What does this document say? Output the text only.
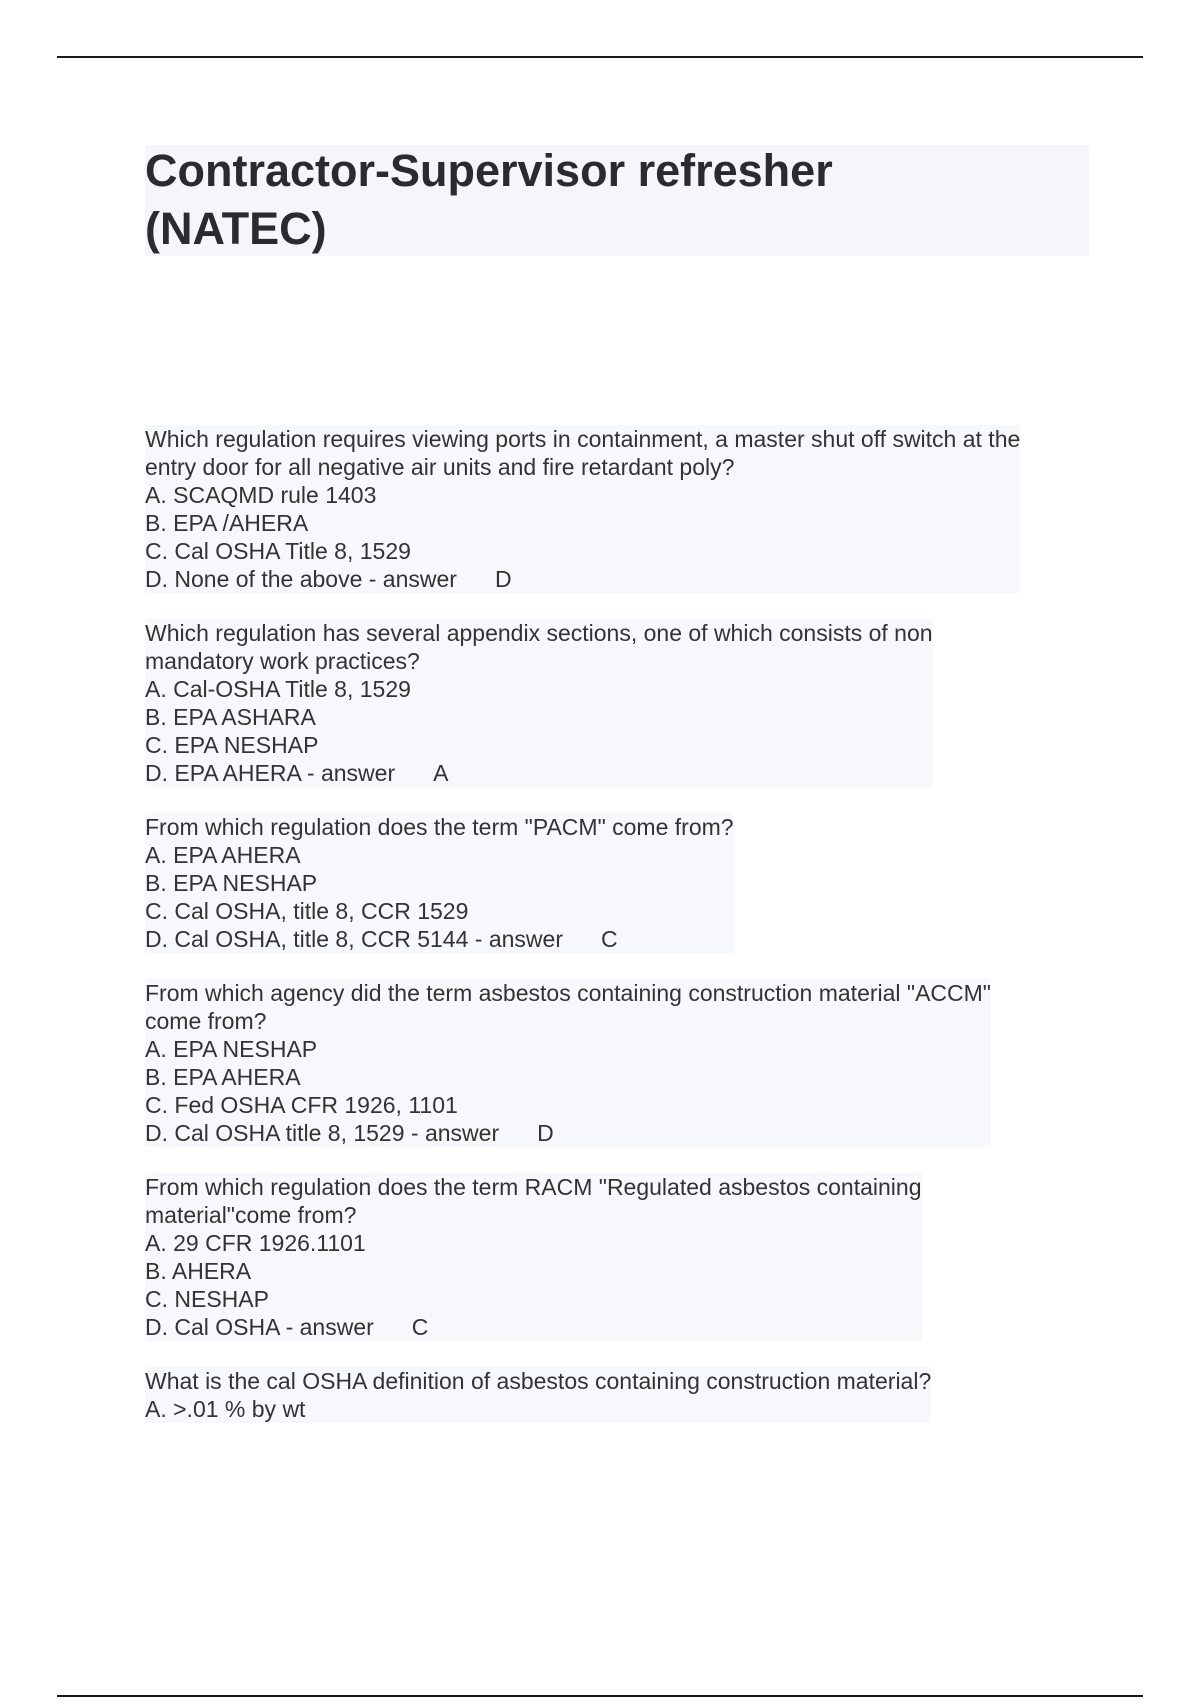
Contractor-Supervisor refresher
(NATEC)
Which regulation requires viewing ports in containment, a master shut off switch at the
entry door for all negative air units and fire retardant poly?
A. SCAQMD rule 1403
B. EPA /AHERA
C. Cal OSHA Title 8, 1529
D. None of the above - answer D

Which regulation has several appendix sections, one of which consists of non
mandatory work practices?
A. Cal-OSHA Title 8, 1529
B. EPA ASHARA
C. EPA NESHAP
D. EPA AHERA - answer A

From which regulation does the term "PACM" come from?
A. EPA AHERA
B. EPA NESHAP
C. Cal OSHA, title 8, CCR 1529
D. Cal OSHA, title 8, CCR 5144 - answer C

From which agency did the term asbestos containing construction material "ACCM"
come from?
A. EPA NESHAP
B. EPA AHERA
C. Fed OSHA CFR 1926, 1101
D. Cal OSHA title 8, 1529 - answer D

From which regulation does the term RACM "Regulated asbestos containing
material"come from?
A. 29 CFR 1926.1101
B. AHERA
C. NESHAP
D. Cal OSHA - answer C

What is the cal OSHA definition of asbestos containing construction material?
A. >.01 % by wt
